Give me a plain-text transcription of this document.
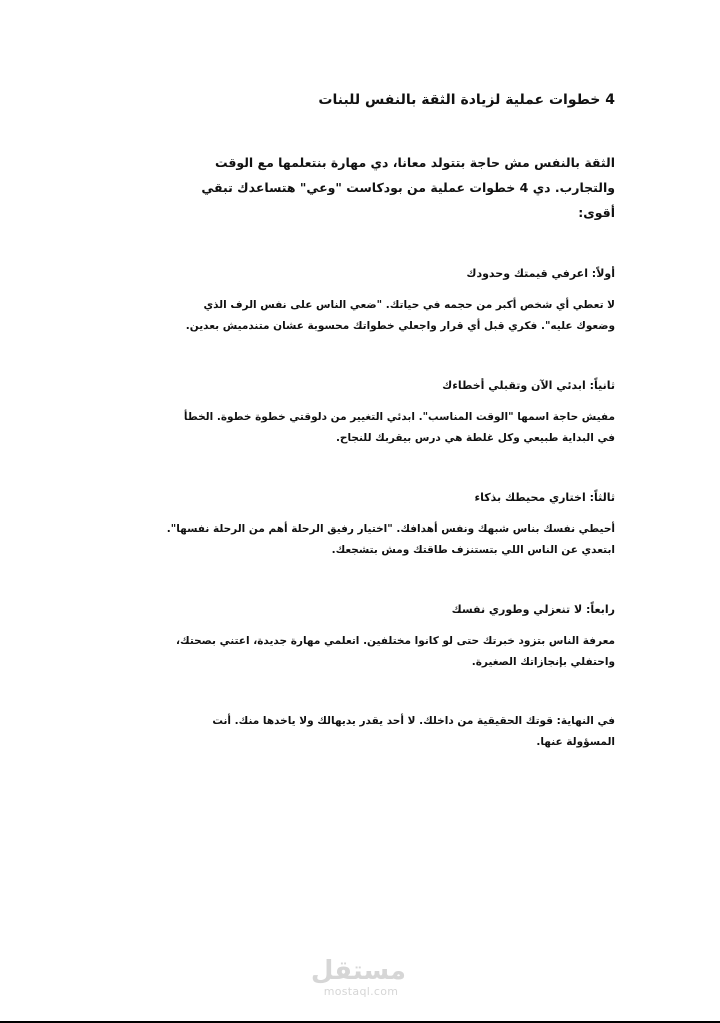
4 خطوات عملية لزيادة الثقة بالنفس للبنات
الثقة بالنفس مش حاجة بتتولد معانا، دي مهارة بنتعلمها مع الوقت والتجارب. دي 4 خطوات عملية من بودكاست "وعي" هتساعدك تبقي أقوى:
أولاً: اعرفي قيمتك وحدودك
لا تعطي أي شخص أكبر من حجمه في حياتك. "ضعي الناس على نفس الرف الذي وضعوك عليه". فكري قبل أي قرار واجعلي خطواتك محسوبة عشان متندميش بعدين.
ثانياً: ابدئي الآن وتقبلي أخطاءك
مفيش حاجة اسمها "الوقت المناسب". ابدئي التغيير من دلوقتي خطوة خطوة. الخطأ في البداية طبيعي وكل غلطة هي درس بيقربك للنجاح.
ثالثاً: اختاري محيطك بذكاء
أحيطي نفسك بناس شبهك ونفس أهدافك. "اختيار رفيق الرحلة أهم من الرحلة نفسها". ابتعدي عن الناس اللي بتستنزف طاقتك ومش بتشجعك.
رابعاً: لا تنعزلي وطوري نفسك
معرفة الناس بتزود خبرتك حتى لو كانوا مختلفين. اتعلمي مهارة جديدة، اعتني بصحتك، واحتفلي بإنجازاتك الصغيرة.
في النهاية: قوتك الحقيقية من داخلك. لا أحد يقدر يديهالك ولا ياخدها منك. أنت المسؤولة عنها.
مستقل
mostaql.com
